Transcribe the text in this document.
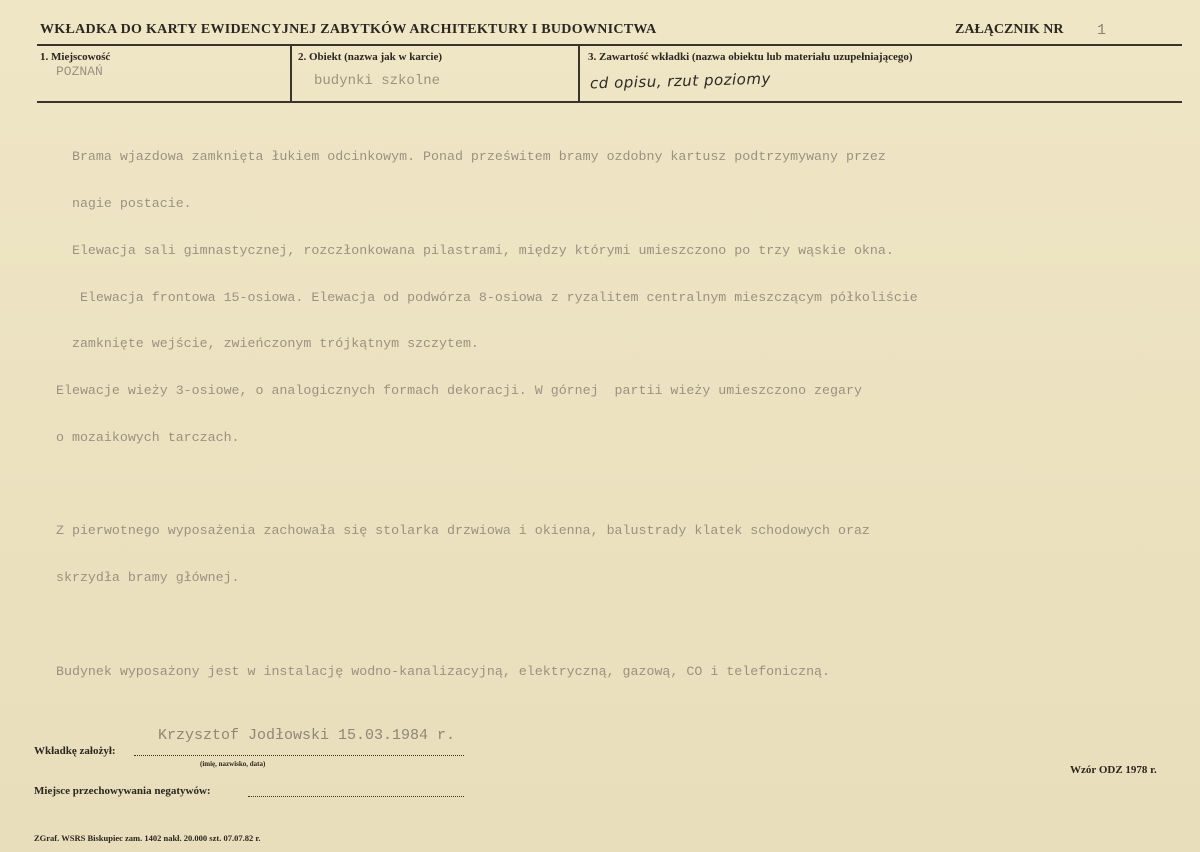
WKŁADKA DO KARTY EWIDENCYJNEJ ZABYTKÓW ARCHITEKTURY I BUDOWNICTWA	ZAŁĄCZNIK NR 1
1. Miejscowość
POZNAŃ
2. Obiekt (nazwa jak w karcie)
budynki szkolne
3. Zawartość wkładki (nazwa obiektu lub materiału uzupełniającego)
cd opisu, rzut poziomy

Brama wjazdowa zamknięta łukiem odcinkowym. Ponad prześwitem bramy ozdobny kartusz podtrzymywany przez

nagie postacie.

Elewacja sali gimnastycznej, rozczłonkowana pilastrami, między którymi umieszczono po trzy wąskie okna.

Elewacja frontowa 15-osiowa. Elewacja od podwórza 8-osiowa z ryzalitem centralnym mieszczącym półkoliście

zamknięte wejście, zwieńczonym trójkątnym szczytem.

Elewacje wieży 3-osiowe, o analogicznych formach dekoracji. W górnej  partii wieży umieszczono zegary

o mozaikowych tarczach.

Z pierwotnego wyposażenia zachowała się stolarka drzwiowa i okienna, balustrady klatek schodowych oraz

skrzydła bramy głównej.

Budynek wyposażony jest w instalację wodno-kanalizacyjną, elektryczną, gazową, CO i telefoniczną.

Krzysztof Jodłowski 15.03.1984 r.
Wkładkę założył:
(imię, nazwisko, data)
Miejsce przechowywania negatywów:
Wzór ODZ 1978 r.
ZGraf. WSRS Biskupiec zam. 1402 nakł. 20.000 szt. 07.07.82 r.
